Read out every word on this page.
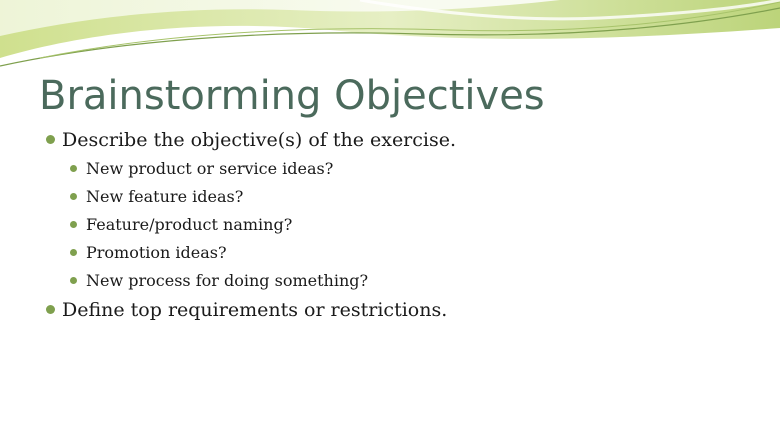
Brainstorming Objectives
Describe the objective(s) of the exercise.
New product or service ideas?
New feature ideas?
Feature/product naming?
Promotion ideas?
New process for doing something?
Define top requirements or restrictions.
